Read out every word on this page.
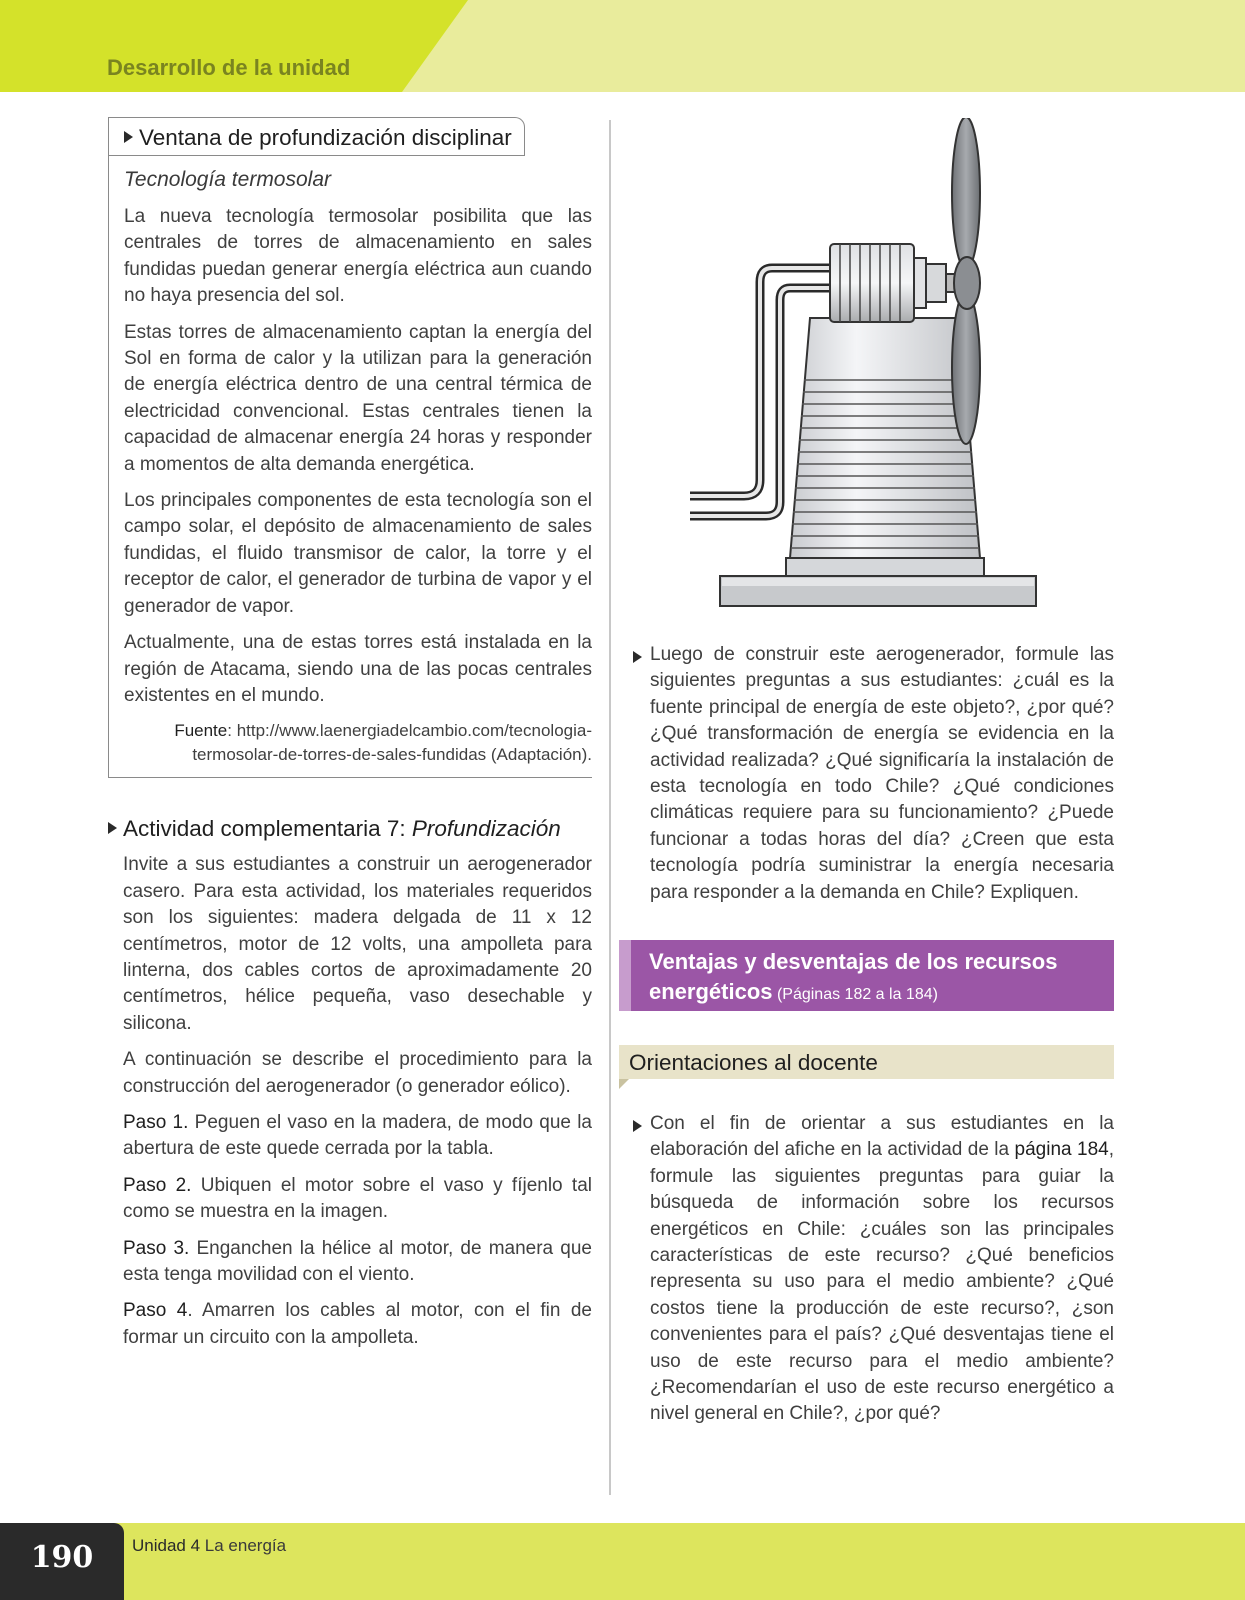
Desarrollo de la unidad
Ventana de profundización disciplinar
Tecnología termosolar

La nueva tecnología termosolar posibilita que las centrales de torres de almacenamiento en sales fundidas puedan generar energía eléctrica aun cuando no haya presencia del sol.

Estas torres de almacenamiento captan la energía del Sol en forma de calor y la utilizan para la generación de energía eléctrica dentro de una central térmica de electricidad convencional. Estas centrales tienen la capacidad de almacenar energía 24 horas y responder a momentos de alta demanda energética.

Los principales componentes de esta tecnología son el campo solar, el depósito de almacenamiento de sales fundidas, el fluido transmisor de calor, la torre y el receptor de calor, el generador de turbina de vapor y el generador de vapor.

Actualmente, una de estas torres está instalada en la región de Atacama, siendo una de las pocas centrales existentes en el mundo.

Fuente: http://www.laenergiadelcambio.com/tecnologia-termosolar-de-torres-de-sales-fundidas (Adaptación).
Actividad complementaria 7: Profundización

Invite a sus estudiantes a construir un aerogenerador casero. Para esta actividad, los materiales requeridos son los siguientes: madera delgada de 11 x 12 centímetros, motor de 12 volts, una ampolleta para linterna, dos cables cortos de aproximadamente 20 centímetros, hélice pequeña, vaso desechable y silicona.

A continuación se describe el procedimiento para la construcción del aerogenerador (o generador eólico).

Paso 1. Peguen el vaso en la madera, de modo que la abertura de este quede cerrada por la tabla.

Paso 2. Ubiquen el motor sobre el vaso y fíjenlo tal como se muestra en la imagen.

Paso 3. Enganchen la hélice al motor, de manera que esta tenga movilidad con el viento.

Paso 4. Amarren los cables al motor, con el fin de formar un circuito con la ampolleta.

Luego de construir este aerogenerador, formule las siguientes preguntas a sus estudiantes: ¿cuál es la fuente principal de energía de este objeto?, ¿por qué? ¿Qué transformación de energía se evidencia en la actividad realizada? ¿Qué significaría la instalación de esta tecnología en todo Chile? ¿Qué condiciones climáticas requiere para su funcionamiento? ¿Puede funcionar a todas horas del día? ¿Creen que esta tecnología podría suministrar la energía necesaria para responder a la demanda en Chile? Expliquen.

Ventajas y desventajas de los recursos energéticos (Páginas 182 a la 184)
Orientaciones al docente

Con el fin de orientar a sus estudiantes en la elaboración del afiche en la actividad de la página 184, formule las siguientes preguntas para guiar la búsqueda de información sobre los recursos energéticos en Chile: ¿cuáles son las principales características de este recurso? ¿Qué beneficios representa su uso para el medio ambiente? ¿Qué costos tiene la producción de este recurso?, ¿son convenientes para el país? ¿Qué desventajas tiene el uso de este recurso para el medio ambiente? ¿Recomendarían el uso de este recurso energético a nivel general en Chile?, ¿por qué?

190	Unidad 4 La energía
